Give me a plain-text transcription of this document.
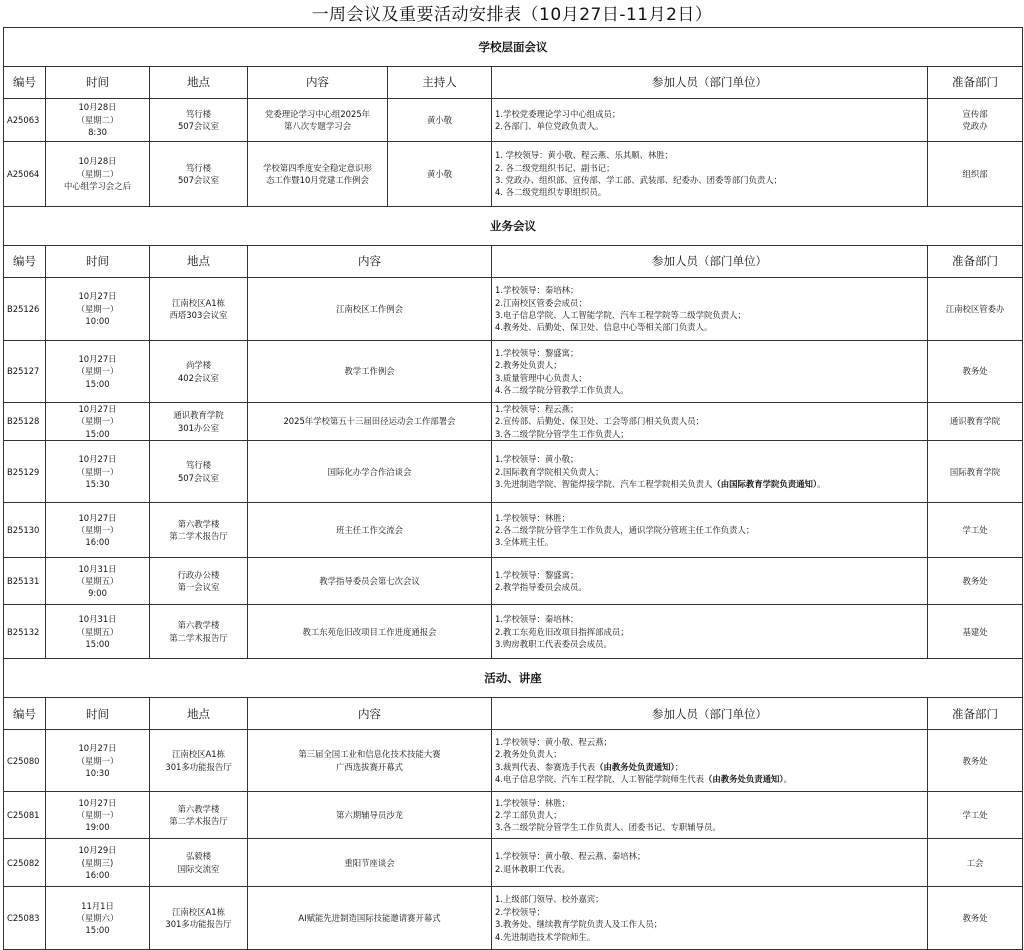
一周会议及重要活动安排表（10月27日-11月2日）
学校层面会议						
编号	时间	地点	内容	主持人	参加人员（部门单位）	准备部门
A25063	10月28日
（星期二）
8:30	笃行楼
507会议室	党委理论学习中心组2025年
第八次专题学习会	黄小敬	1.学校党委理论学习中心组成员；
2.各部门、单位党政负责人。	宣传部
党政办

A25064	10月28日
（星期二）
中心组学习会之后	笃行楼
507会议室	学校第四季度安全稳定意识形
态工作暨10月党建工作例会	黄小敬	1. 学校领导：黄小敬、程云燕、乐其顺、林胜；
2. 各二级党组织书记、副书记；
3. 党政办、组织部、宣传部、学工部、武装部、纪委办、团委等部门负责人；
4. 各二级党组织专职组织员。	组织部

业务会议						
编号	时间	地点	内容		参加人员（部门单位）	准备部门
B25126	10月27日
（星期一）
10:00	江南校区A1栋
西塔303会议室	江南校区工作例会		1.学校领导：秦培林；
2.江南校区管委会成员；
3.电子信息学院、人工智能学院、汽车工程学院等二级学院负责人；
4.教务处、后勤处、保卫处、信息中心等相关部门负责人。	江南校区管委办

B25127	10月27日
（星期一）
15:00	尚学楼
402会议室	教学工作例会		1.学校领导：黎盛寓；
2.教务处负责人；
3.质量管理中心负责人；
4.各二级学院分管教学工作负责人。	教务处

B25128	10月27日
（星期一）
15:00	通识教育学院
301办公室	2025年学校第五十三届田径运动会工作部署会		1.学校领导：程云燕；
2.宣传部、后勤处、保卫处、工会等部门相关负责人员；
3.各二级学院分管学生工作负责人；	通识教育学院

B25129	10月27日
（星期一）
15:30	笃行楼
507会议室	国际化办学合作洽谈会		1.学校领导：黄小敬；
2.国际教育学院相关负责人；
3.先进制造学院、智能焊接学院、汽车工程学院相关负责人（由国际教育学院负责通知）。	国际教育学院

B25130	10月27日
（星期一）
16:00	第六教学楼
第二学术报告厅	班主任工作交流会		1.学校领导：林胜；
2.各二级学院分管学生工作负责人，通识学院分管班主任工作负责人；
3.全体班主任。	学工处

B25131	10月31日
（星期五）
9:00	行政办公楼
第一会议室	教学指导委员会第七次会议		1.学校领导：黎盛寓；
2.教学指导委员会成员。	教务处

B25132	10月31日
（星期五）
15:00	第六教学楼
第二学术报告厅	教工东苑危旧改项目工作进度通报会		1.学校领导：秦培林；
2.教工东苑危旧改项目指挥部成员；
3.购房教职工代表委员会成员。	基建处

活动、讲座						
编号	时间	地点	内容		参加人员（部门单位）	准备部门
C25080	10月27日
（星期一）
10:30	江南校区A1栋
301多功能报告厅	第三届全国工业和信息化技术技能大赛
广西选拔赛开幕式		1.学校领导：黄小敬、程云燕；
2.教务处负责人；
3.裁判代表、参赛选手代表（由教务处负责通知）；
4.电子信息学院、汽车工程学院、人工智能学院师生代表（由教务处负责通知）。	教务处

C25081	10月27日
（星期一）
19:00	第六教学楼
第二学术报告厅	第六期辅导员沙龙		1.学校领导：林胜；
2.学工部负责人；
3.各二级学院分管学生工作负责人、团委书记、专职辅导员。	学工处

C25082	10月29日
(星期三)
16:00	弘毅楼
国际交流室	重阳节座谈会		1.学校领导：黄小敬、程云燕、秦培林；
2.退休教职工代表。	工会

C25083	11月1日
（星期六）
15:00	江南校区A1栋
301多功能报告厅	AI赋能先进制造国际技能邀请赛开幕式		1.上级部门领导、校外嘉宾；
2.学校领导；
3.教务处、继续教育学院负责人及工作人员；
4.先进制造技术学院师生。	教务处
